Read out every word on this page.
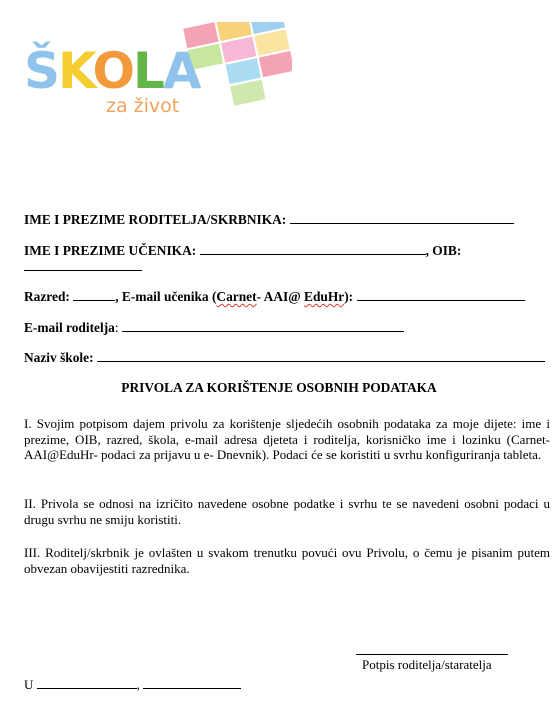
ŠKOLA
za život
IME I PREZIME RODITELJA/SKRBNIKA:
IME I PREZIME UČENIKA:	, OIB:
Razred:	, E-mail učenika (Carnet- AAI@ EduHr):
E-mail roditelja:
Naziv škole:
PRIVOLA ZA KORIŠTENJE OSOBNIH PODATAKA
I. Svojim potpisom dajem privolu za korištenje sljedećih osobnih podataka za moje dijete: ime i prezime, OIB, razred, škola, e-mail adresa djeteta i roditelja, korisničko ime i lozinku (Carnet-AAI@EduHr- podaci za prijavu u e- Dnevnik). Podaci će se koristiti u svrhu konfiguriranja tableta.
II. Privola se odnosi na izričito navedene osobne podatke i svrhu te se navedeni osobni podaci u drugu svrhu ne smiju koristiti.
III. Roditelj/skrbnik je ovlašten u svakom trenutku povući ovu Privolu, o čemu je pisanim putem obvezan obavijestiti razrednika.
Potpis roditelja/staratelja
U	,
